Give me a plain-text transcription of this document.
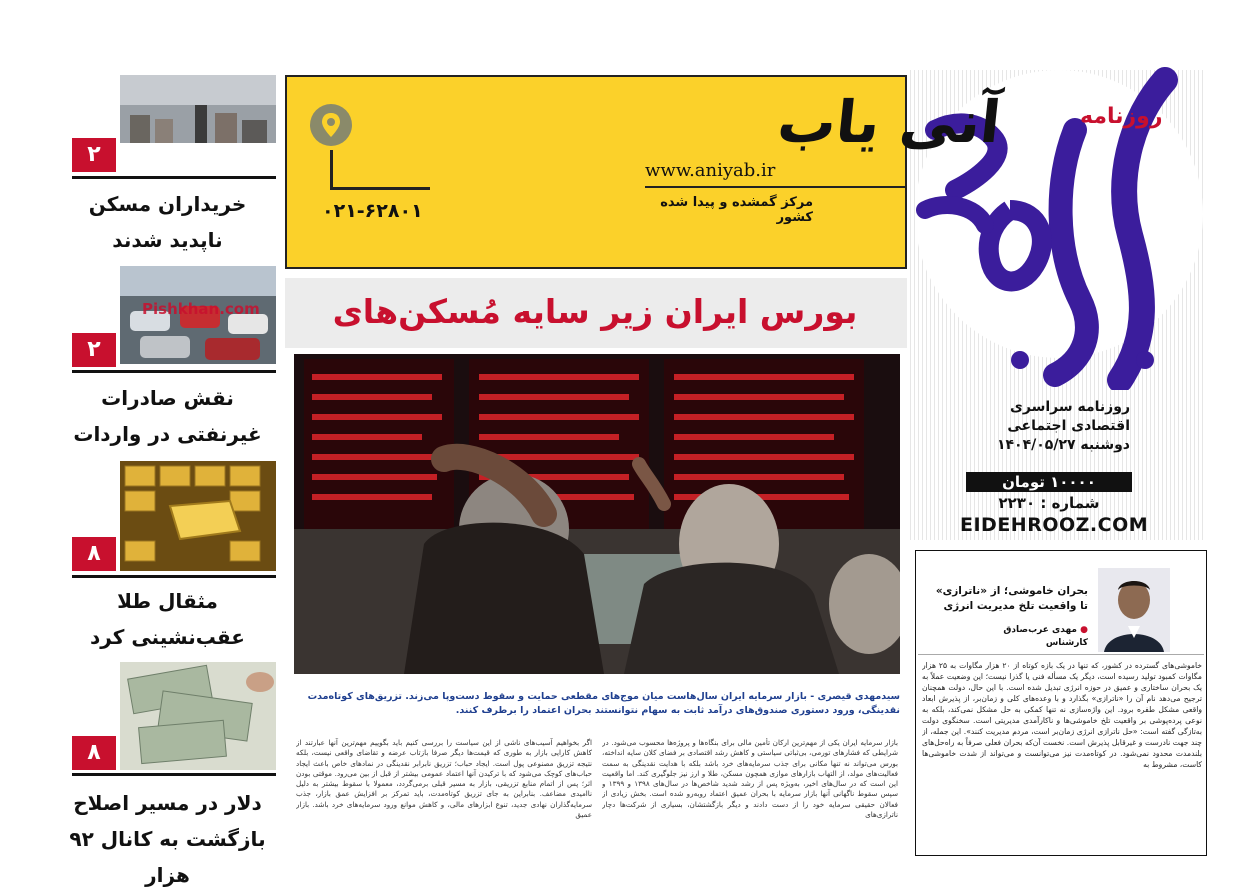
روزنامه
روزنامه سراسری
اقتصادی اجتماعی
دوشنبه ۱۴۰۴/۰۵/۲۷
۱۰۰۰۰ تومان
شماره : ۲۲۳۰
EIDEHROOZ.COM
آنی یاب
www.aniyab.ir
مرکز گمشده و پیدا شده کشور
۰۲۱-۶۲۸۰۱
بورس ایران زیر سایه مُسکن‌های
سیدمهدی قیصری - بازار سرمایه ایران سال‌هاست میان موج‌های مقطعی حمایت و سقوط دست‌وپا می‌زند. تزریق‌های کوتاه‌مدت نقدینگی، ورود دستوری صندوق‌های درآمد ثابت به سهام نتوانستند بحران اعتماد را برطرف کنند.
بازار سرمایه ایران یکی از مهم‌ترین ارکان تأمین مالی برای بنگاه‌ها و پروژه‌ها محسوب می‌شود. در شرایطی که فشارهای تورمی، بی‌ثباتی سیاستی و کاهش رشد اقتصادی بر فضای کلان سایه انداخته، بورس می‌تواند نه تنها مکانی برای جذب سرمایه‌های خرد باشد بلکه با هدایت نقدینگی به سمت فعالیت‌های مولد، از التهاب بازارهای موازی همچون مسکن، طلا و ارز نیز جلوگیری کند. اما واقعیت این است که در سال‌های اخیر، به‌ویژه پس از رشد شدید شاخص‌ها در سال‌های ۱۳۹۸ و ۱۳۹۹ و سپس سقوط ناگهانی آنها بازار سرمایه با بحران عمیق اعتماد روبه‌رو شده است. بخش زیادی از فعالان حقیقی سرمایه خود را از دست دادند و دیگر بازگشتشان، بسیاری از شرکت‌ها دچار ناترازی‌های
اگر بخواهیم آسیب‌های ناشی از این سیاست را بررسی کنیم باید بگوییم مهم‌ترین آنها عبارتند از کاهش کارایی بازار به طوری که قیمت‌ها دیگر صرفا بازتاب عرضه و تقاضای واقعی نیست، بلکه نتیجه تزریق مصنوعی پول است. ایجاد حباب؛ تزریق نابرابر نقدینگی در نمادهای خاص باعث ایجاد حباب‌های کوچک می‌شود که با ترکیدن آنها اعتماد عمومی بیشتر از قبل از بین می‌رود. موقتی بودن اثر؛ پس از اتمام منابع تزریقی، بازار به مسیر قبلی برمی‌گردد، معمولا با سقوط بیشتر به دلیل ناامیدی مضاعف. بنابراین به جای تزریق کوتاه‌مدت، باید تمرکز بر افزایش عمق بازار، جذب سرمایه‌گذاران نهادی جدید، تنوع ابزارهای مالی، و کاهش موانع ورود سرمایه‌های خرد باشد. بازار عمیق
بحران خاموشی؛ از «ناترازی» تا واقعیت تلخ مدیریت انرژی
● مهدی عرب‌صادق
کارشناس
خاموشی‌های گسترده در کشور، که تنها در یک بازه کوتاه از ۲۰ هزار مگاوات به ۲۵ هزار مگاوات کمبود تولید رسیده است، دیگر یک مسأله فنی یا گذرا نیست؛ این وضعیت عملاً به یک بحران ساختاری و عمیق در حوزه انرژی تبدیل شده است. با این حال، دولت همچنان ترجیح می‌دهد نام آن را «ناترازی» بگذارد و با وعده‌های کلی و زمان‌بر، از پذیرش ابعاد واقعی مشکل طفره برود. این واژه‌سازی نه تنها کمکی به حل مشکل نمی‌کند، بلکه به نوعی پرده‌پوشی بر واقعیت تلخ خاموشی‌ها و ناکارآمدی مدیریتی است. سخنگوی دولت به‌تازگی گفته است: «حل ناترازی انرژی زمان‌بر است، مردم مدیریت کنند». این جمله، از چند جهت نادرست و غیرقابل پذیرش است. نخست آن‌که بحران فعلی صرفاً به راه‌حل‌های بلندمدت محدود نمی‌شود. در کوتاه‌مدت نیز می‌توانست و می‌تواند از شدت خاموشی‌ها کاست، مشروط به
۲
خریداران مسکن ناپدید شدند
Pishkhan.com
۲
نقش صادرات غیرنفتی در واردات
۸
مثقال طلا عقب‌نشینی کرد
۸
دلار در مسیر اصلاح بازگشت به کانال ۹۲ هزار
